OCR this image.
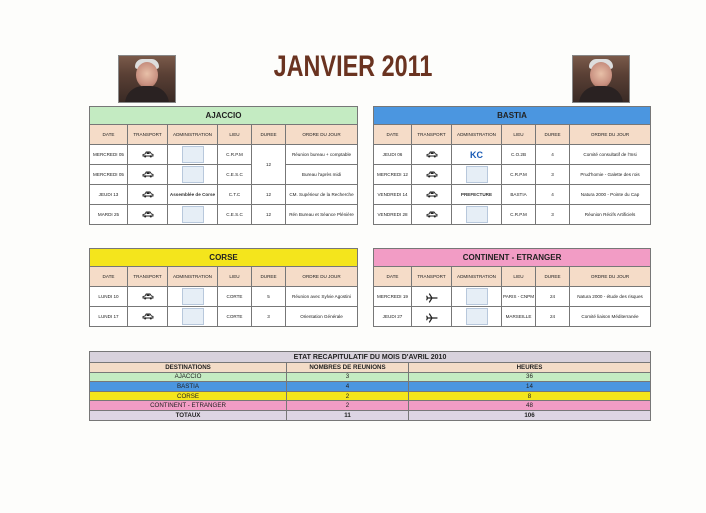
JANVIER 2011
AJACCIO					
DATE	TRANSPORT	ADMINISTRATION	LIEU	DUREE	ORDRE DU JOUR
MERCREDI 05			C.R.P.M	12	Réunion bureau + comptable
MERCREDI 05			C.E.S.C		Bureau l'après midi
JEUDI 13		Assemblée de Corse	C.T.C	12	CM. Supérieur de la Recherche
MARDI 25			C.E.S.C	12	Rén Bureau et Séance Plénière
BASTIA					
DATE	TRANSPORT	ADMINISTRATION	LIEU	DUREE	ORDRE DU JOUR
JEUDI 06		KC	C.O.2B	4	Comité consultatif de l'Insi
MERCREDI 12			C.R.P.M	3	Prud'homie - Galette des rois
VENDREDI 14		PREFECTURE	BASTIA	4	Natura 2000 - Pointe du Cap
VENDREDI 28			C.R.P.M	3	Réunion Récifs Artificiels
CORSE					
DATE	TRANSPORT	ADMINISTRATION	LIEU	DUREE	ORDRE DU JOUR
LUNDI 10			CORTE	5	Réunion avec Sylvie Agostini
LUNDI 17			CORTE	3	Orientation Générale
CONTINENT - ETRANGER					
DATE	TRANSPORT	ADMINISTRATION	LIEU	DUREE	ORDRE DU JOUR
MERCREDI 19			PARIS - CNPM	24	Natura 2000 - étude des risques
JEUDI 27			MARSEILLE	24	Comité liaison Méditerranée
ETAT RECAPITULATIF DU MOIS D'AVRIL 2010		
DESTINATIONS	NOMBRES DE REUNIONS	HEURES
AJACCIO	3	36
BASTIA	4	14
CORSE	2	8
CONTINENT - ETRANGER	2	48
TOTAUX	11	106
